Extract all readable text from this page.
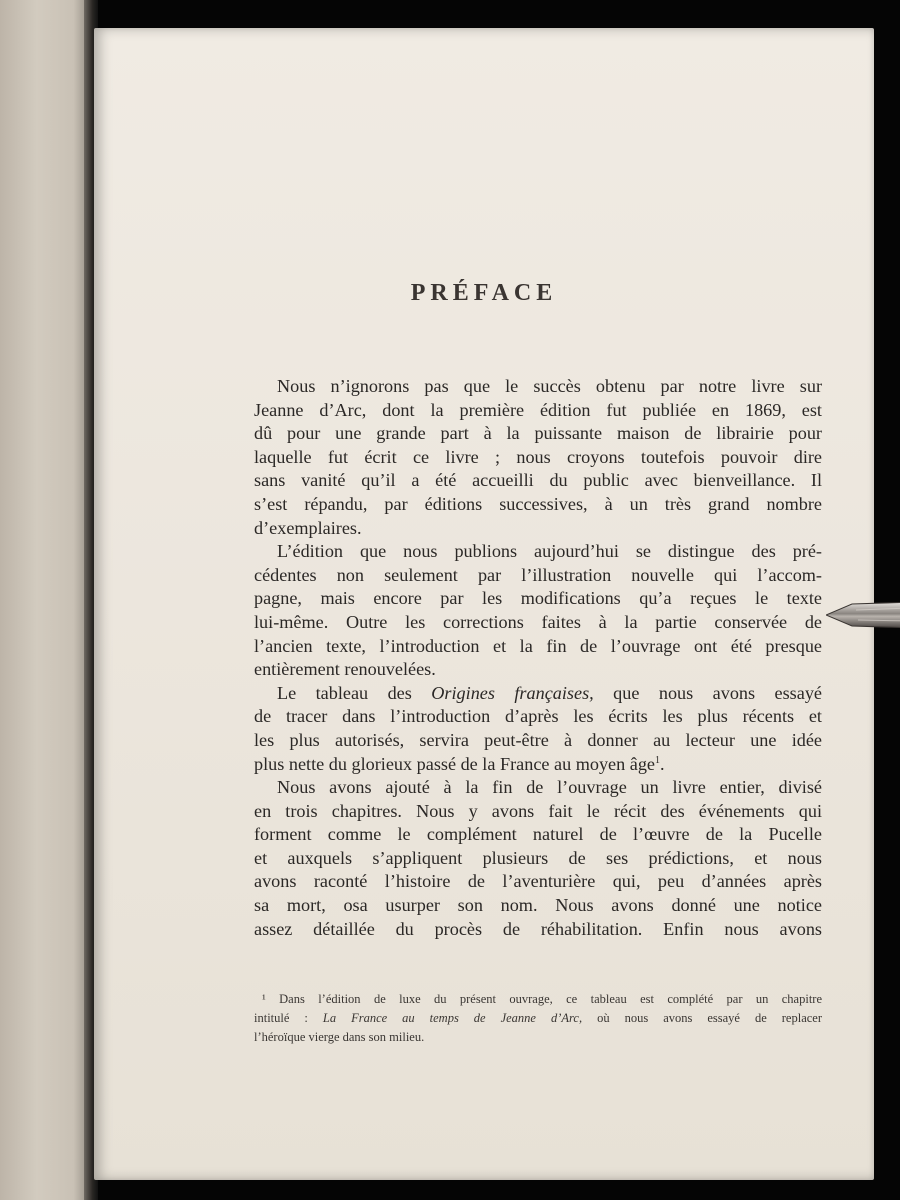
PRÉFACE
Nous n’ignorons pas que le succès obtenu par notre livre sur
Jeanne d’Arc, dont la première édition fut publiée en 1869, est
dû pour une grande part à la puissante maison de librairie pour
laquelle fut écrit ce livre ; nous croyons toutefois pouvoir dire
sans vanité qu’il a été accueilli du public avec bienveillance. Il
s’est répandu, par éditions successives, à un très grand nombre
d’exemplaires.
L’édition que nous publions aujourd’hui se distingue des pré-
cédentes non seulement par l’illustration nouvelle qui l’accom-
pagne, mais encore par les modifications qu’a reçues le texte
lui-même. Outre les corrections faites à la partie conservée de
l’ancien texte, l’introduction et la fin de l’ouvrage ont été presque
entièrement renouvelées.
Le tableau des Origines françaises, que nous avons essayé
de tracer dans l’introduction d’après les écrits les plus récents et
les plus autorisés, servira peut-être à donner au lecteur une idée
plus nette du glorieux passé de la France au moyen âge$^1$.
Nous avons ajouté à la fin de l’ouvrage un livre entier, divisé
en trois chapitres. Nous y avons fait le récit des événements qui
forment comme le complément naturel de l’œuvre de la Pucelle
et auxquels s’appliquent plusieurs de ses prédictions, et nous
avons raconté l’histoire de l’aventurière qui, peu d’années après
sa mort, osa usurper son nom. Nous avons donné une notice
assez détaillée du procès de réhabilitation. Enfin nous avons
¹ Dans l’édition de luxe du présent ouvrage, ce tableau est complété par un chapitre
intitulé : La France au temps de Jeanne d’Arc, où nous avons essayé de replacer
l’héroïque vierge dans son milieu.
